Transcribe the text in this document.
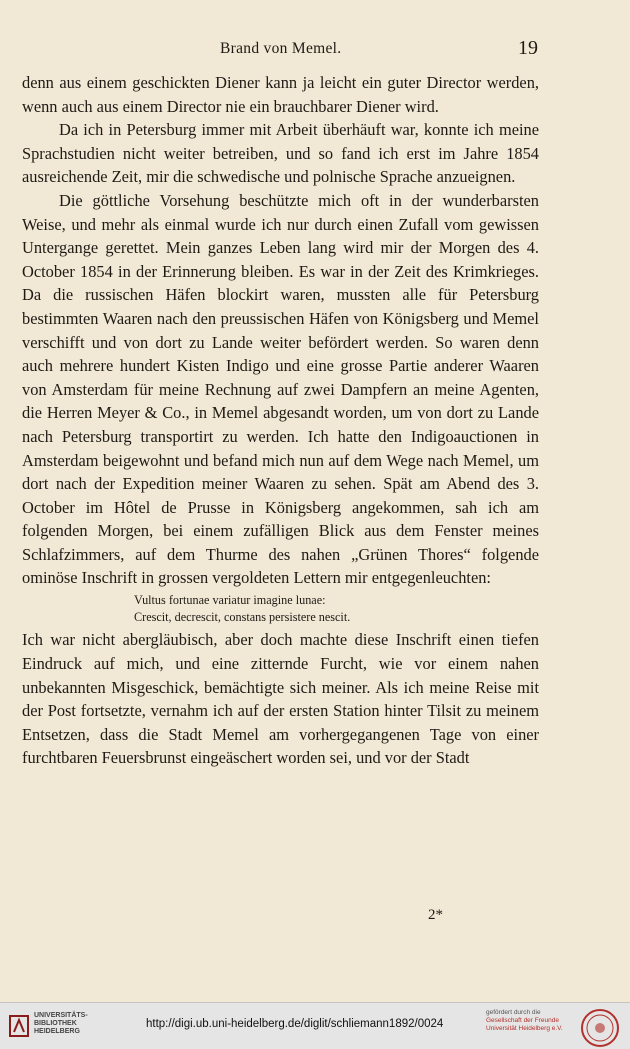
Brand von Memel.	19

denn aus einem geschickten Diener kann ja leicht ein guter Director werden, wenn auch aus einem Director nie ein brauchbarer Diener wird.

Da ich in Petersburg immer mit Arbeit überhäuft war, konnte ich meine Sprachstudien nicht weiter betreiben, und so fand ich erst im Jahre 1854 ausreichende Zeit, mir die schwedische und polnische Sprache anzueignen.

Die göttliche Vorsehung beschützte mich oft in der wunderbarsten Weise, und mehr als einmal wurde ich nur durch einen Zufall vom gewissen Untergange gerettet. Mein ganzes Leben lang wird mir der Morgen des 4. October 1854 in der Erinnerung bleiben. Es war in der Zeit des Krimkrieges. Da die russischen Häfen blockirt waren, mussten alle für Petersburg bestimmten Waaren nach den preussischen Häfen von Königsberg und Memel verschifft und von dort zu Lande weiter befördert werden. So waren denn auch mehrere hundert Kisten Indigo und eine grosse Partie anderer Waaren von Amsterdam für meine Rechnung auf zwei Dampfern an meine Agenten, die Herren Meyer & Co., in Memel abgesandt worden, um von dort zu Lande nach Petersburg transportirt zu werden. Ich hatte den Indigoauctionen in Amsterdam beigewohnt und befand mich nun auf dem Wege nach Memel, um dort nach der Expedition meiner Waaren zu sehen. Spät am Abend des 3. October im Hôtel de Prusse in Königsberg angekommen, sah ich am folgenden Morgen, bei einem zufälligen Blick aus dem Fenster meines Schlafzimmers, auf dem Thurme des nahen „Grünen Thores“ folgende ominöse Inschrift in grossen vergoldeten Lettern mir entgegenleuchten:

Vultus fortunae variatur imagine lunae:
Crescit, decrescit, constans persistere nescit.

Ich war nicht abergläubisch, aber doch machte diese Inschrift einen tiefen Eindruck auf mich, und eine zitternde Furcht, wie vor einem nahen unbekannten Misgeschick, bemächtigte sich meiner. Als ich meine Reise mit der Post fortsetzte, vernahm ich auf der ersten Station hinter Tilsit zu meinem Entsetzen, dass die Stadt Memel am vorhergegangenen Tage von einer furchtbaren Feuersbrunst eingeäschert worden sei, und vor der Stadt

2*
UNIVERSITÄTS-
BIBLIOTHEK
HEIDELBERG
http://digi.ub.uni-heidelberg.de/diglit/schliemann1892/0024
gefördert durch die
Gesellschaft der Freunde
Universität Heidelberg e.V.
